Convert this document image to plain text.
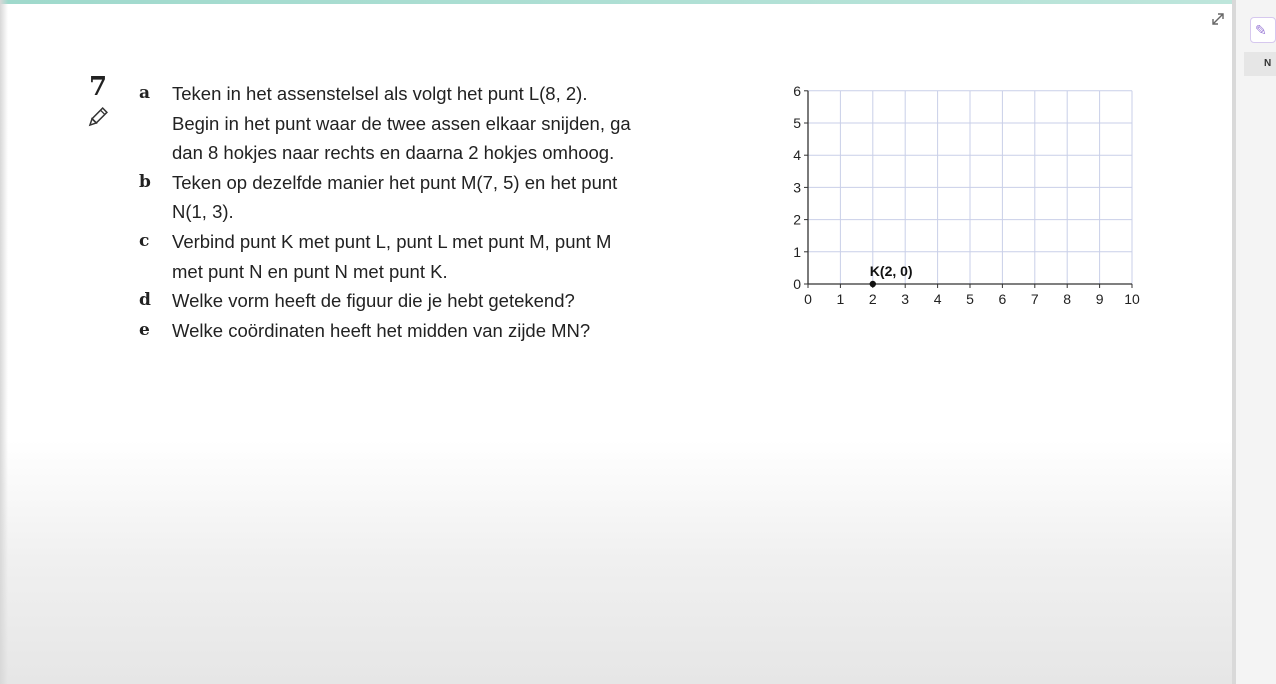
✎
N
7 a Teken in het assenstelsel als volgt het punt L(8, 2).
Begin in het punt waar de twee assen elkaar snijden, ga
dan 8 hokjes naar rechts en daarna 2 hokjes omhoog.
b Teken op dezelfde manier het punt M(7, 5) en het punt
N(1, 3).
c Verbind punt K met punt L, punt L met punt M, punt M
met punt N en punt N met punt K.
d Welke vorm heeft de figuur die je hebt getekend?
e Welke coördinaten heeft het midden van zijde MN?
0 1 2 3 4 5 6 7 8 9 10
0
1
2
3
4
5
6
K(2, 0)
